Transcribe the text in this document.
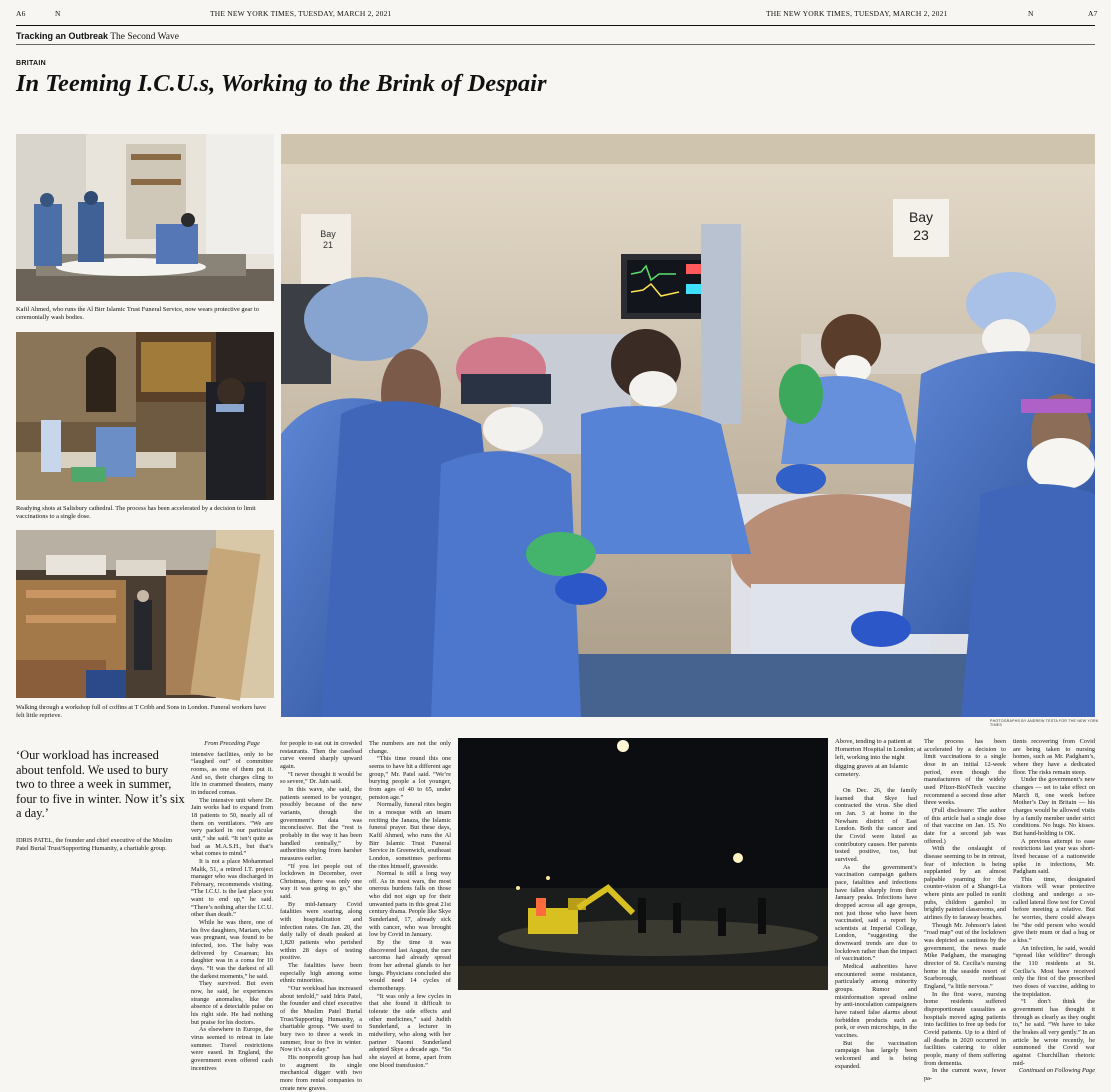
A6	N	THE NEW YORK TIMES, TUESDAY, MARCH 2, 2021	THE NEW YORK TIMES, TUESDAY, MARCH 2, 2021	N	A7
Tracking an Outbreak The Second Wave
BRITAIN
In Teeming I.C.U.s, Working to the Brink of Despair
Kafil Ahmed, who runs the Al Birr Islamic Trust Funeral Service, now wears protective gear to ceremonially wash bodies.
Readying shots at Salisbury cathedral. The process has been accelerated by a decision to limit vaccinations to a single dose.
Walking through a workshop full of coffins at T Cribb and Sons in London. Funeral workers have felt little reprieve.
Bay 21
Bay
23
PHOTOGRAPHS BY ANDREW TESTA FOR THE NEW YORK TIMES
‘Our workload has increased about tenfold. We used to bury two to three a week in summer, four to five in winter. Now it’s six a day.’
IDRIS PATEL, the founder and chief executive of the Muslim Patel Burial Trust/Supporting Humanity, a charitable group.

From Preceding Page

intensive facilities, only to be “laughed out” of committee rooms, as one of them put it. And so, their charges cling to life in crammed theaters, many in induced comas.

The intensive unit where Dr. Jain works had to expand from 18 patients to 50, nearly all of them on ventilators. “We are very packed in our particular unit,” she said. “It isn’t quite as bad as M.A.S.H., but that’s what comes to mind.”

It is not a place Mohammad Malik, 51, a retired I.T. project manager who was discharged in February, recommends visiting. “The I.C.U. is the last place you want to end up,” he said. “There’s nothing after the I.C.U. other than death.”

While he was there, one of his five daughters, Mariam, who was pregnant, was found to be infected, too. The baby was delivered by Cesarean; his daughter was in a coma for 10 days. “It was the darkest of all the darkest moments,” he said.

They survived. But even now, he said, he experiences strange anomalies, like the absence of a detectable pulse on his right side. He had nothing but praise for his doctors.

As elsewhere in Europe, the virus seemed to retreat in late summer. Travel restrictions were eased. In England, the government even offered cash incentives

for people to eat out in crowded restaurants. Then the caseload curve veered sharply upward again.

“I never thought it would be so severe,” Dr. Jain said.

In this wave, she said, the patients seemed to be younger, possibly because of the new variants, though the government’s data was inconclusive. But the “rest is probably in the way it has been handled centrally,” by authorities shying from harsher measures earlier.

“If you let people out of lockdown in December, over Christmas, there was only one way it was going to go,” she said.

By mid-January Covid fatalities were soaring, along with hospitalization and infection rates. On Jan. 20, the daily tally of death peaked at 1,820 patients who perished within 28 days of testing positive.

The fatalities have been especially high among some ethnic minorities.

“Our workload has increased about tenfold,” said Idris Patel, the founder and chief executive of the Muslim Patel Burial Trust/Supporting Humanity, a charitable group. “We used to bury two to three a week in summer, four to five in winter. Now it’s six a day.”

His nonprofit group has had to augment its single mechanical digger with two more from rental companies to create new graves.

The numbers are not the only change.

“This time round this one seems to have hit a different age group,” Mr. Patel said. “We’re burying people a lot younger, from ages of 40 to 65, under pension age.”

Normally, funeral rites begin in a mosque with an imam reciting the Janaza, the Islamic funeral prayer. But these days, Kafil Ahmed, who runs the Al Birr Islamic Trust Funeral Service in Greenwich, southeast London, sometimes performs the rites himself, graveside.

Normal is still a long way off. As in most wars, the most onerous burdens falls on those who did not sign up for their unwanted parts in this great 21st century drama. People like Skye Sunderland, 17, already sick with cancer, who was brought low by Covid in January.

By the time it was discovered last August, the rare sarcoma had already spread from her adrenal glands to her lungs. Physicians concluded she would need 14 cycles of chemotherapy.

“It was only a few cycles in that she found it difficult to tolerate the side effects and other medicines,” said Judith Sunderland, a lecturer in midwifery, who along with her partner Naomi Sunderland adopted Skye a decade ago. “So she stayed at home, apart from one blood transfusion.”

Above, tending to a patient at Homerton Hospital in London; at left, working into the night digging graves at an Islamic cemetery.

On Dec. 26, the family learned that Skye had contracted the virus. She died on Jan. 3 at home in the Newham district of East London. Both the cancer and the Covid were listed as contributory causes. Her parents tested positive, too, but survived.

As the government’s vaccination campaign gathers pace, fatalities and infections have fallen sharply from their January peaks. Infections have dropped across all age groups, not just those who have been vaccinated, said a report by scientists at Imperial College, London, “suggesting the downward trends are due to lockdown rather than the impact of vaccination.”

Medical authorities have encountered some resistance, particularly among minority groups. Rumor and misinformation spread online by anti-inoculation campaigners have raised false alarms about forbidden products such as pork, or even microchips, in the vaccines.

But the vaccination campaign has largely been welcomed and is being expanded.

The process has been accelerated by a decision to limit vaccinations to a single dose in an initial 12-week period, even though the manufacturers of the widely used Pfizer-BioNTech vaccine recommend a second dose after three weeks.

(Full disclosure: The author of this article had a single dose of that vaccine on Jan. 15. No date for a second jab was offered.)

With the onslaught of disease seeming to be in retreat, fear of infection is being supplanted by an almost palpable yearning for the counter-vision of a Shangri-La where pints are pulled in sunlit pubs, children gambol in brightly painted classrooms, and airlines fly to faraway beaches.

Though Mr. Johnson’s latest “road map” out of the lockdown was depicted as cautious by the government, the news made Mike Padgham, the managing director of St. Cecilia’s nursing home in the seaside resort of Scarborough, northeast England, “a little nervous.”

In the first wave, nursing home residents suffered disproportionate casualties as hospitals moved aging patients into facilities to free up beds for Covid patients. Up to a third of all deaths in 2020 occurred in facilities catering to older people, many of them suffering from dementia.

In the current wave, fewer pa-

tients recovering from Covid are being taken to nursing homes, such as Mr. Padgham’s, where they have a dedicated floor. The risks remain steep.

Under the government’s new changes — set to take effect on March 8, one week before Mother’s Day in Britain — his charges would be allowed visits by a family member under strict conditions. No hugs. No kisses. But hand-holding is OK.

A previous attempt to ease restrictions last year was short-lived because of a nationwide spike in infections, Mr. Padgham said.

This time, designated visitors will wear protective clothing and undergo a so-called lateral flow test for Covid before meeting a relative. But he worries, there could always be “the odd person who would give their mum or dad a hug or a kiss.”

An infection, he said, would “spread like wildfire” through the 110 residents at St. Cecilia’s. Most have received only the first of the prescribed two doses of vaccine, adding to the trepidation.

“I don’t think the government has thought it through as clearly as they ought to,” he said. “We have to take the brakes all very gently.” In an article he wrote recently, he summoned the Covid war against Churchillian rhetoric mid-

Continued on Following Page
